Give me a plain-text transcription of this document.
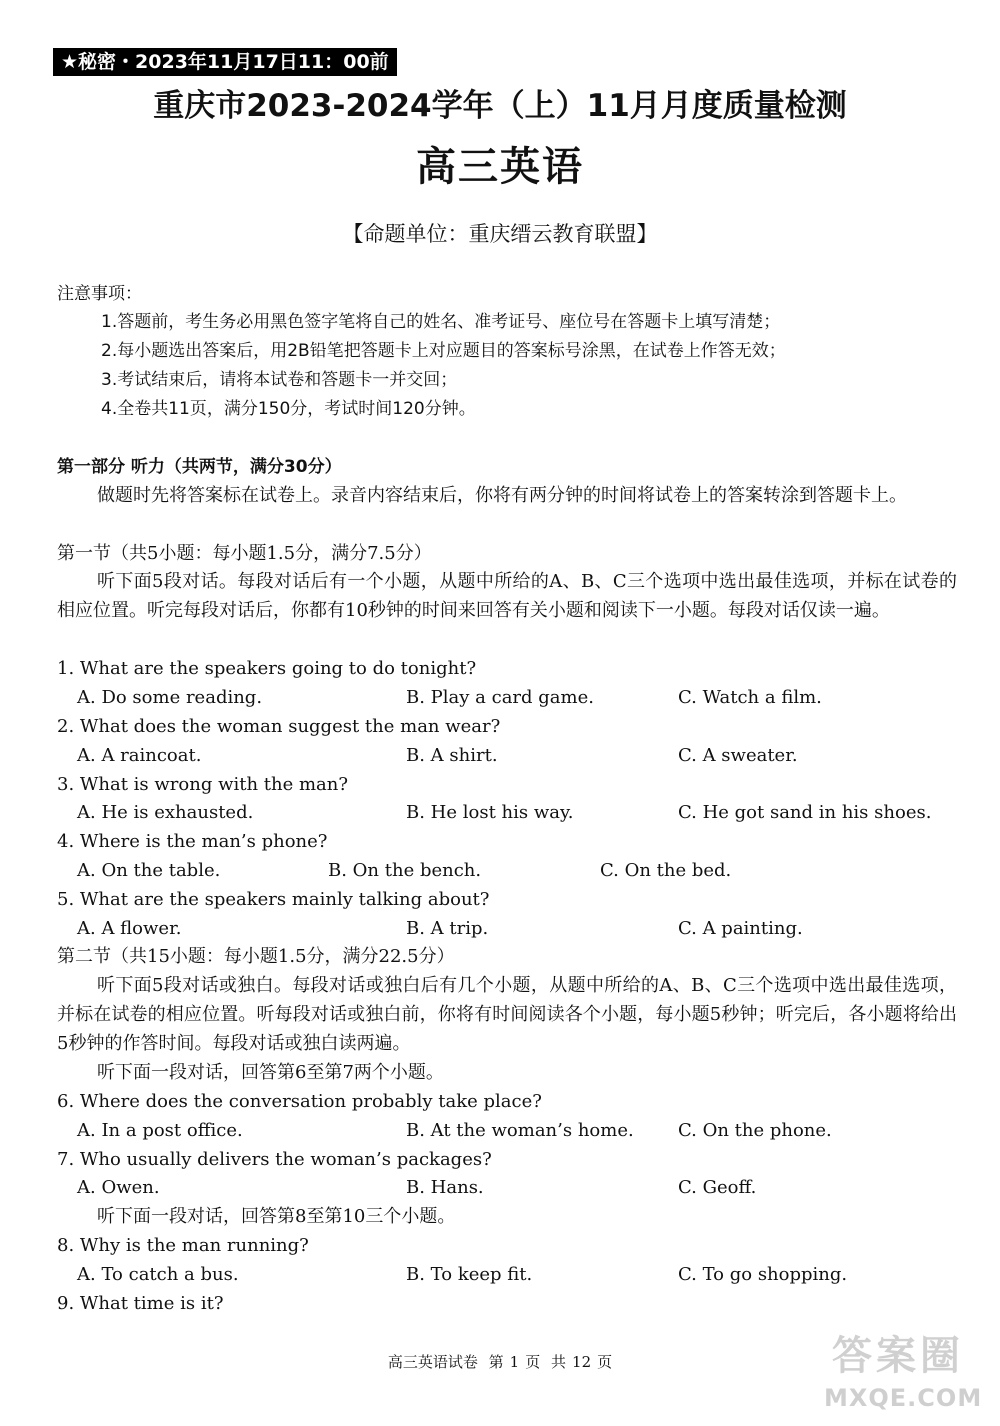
★秘密・2023年11月17日11：00前
重庆市2023-2024学年（上）11月月度质量检测
高三英语
【命题单位：重庆缙云教育联盟】
注意事项：
1.答题前，考生务必用黑色签字笔将自己的姓名、准考证号、座位号在答题卡上填写清楚；
2.每小题选出答案后，用2B铅笔把答题卡上对应题目的答案标号涂黑，在试卷上作答无效；
3.考试结束后，请将本试卷和答题卡一并交回；
4.全卷共11页，满分150分，考试时间120分钟。
第一部分 听力（共两节，满分30分）
做题时先将答案标在试卷上。录音内容结束后，你将有两分钟的时间将试卷上的答案转涂到答题卡上。
第一节（共5小题：每小题1.5分，满分7.5分）
听下面5段对话。每段对话后有一个小题，从题中所给的A、B、C三个选项中选出最佳选项，并标在试卷的相应位置。听完每段对话后，你都有10秒钟的时间来回答有关小题和阅读下一小题。每段对话仅读一遍。
1. What are the speakers going to do tonight?
A. Do some reading.	B. Play a card game.	C. Watch a film.
2. What does the woman suggest the man wear?
A. A raincoat.	B. A shirt.	C. A sweater.
3. What is wrong with the man?
A. He is exhausted.	B. He lost his way.	C. He got sand in his shoes.
4. Where is the man’s phone?
A. On the table.	B. On the bench.	C. On the bed.
5. What are the speakers mainly talking about?
A. A flower.	B. A trip.	C. A painting.
第二节（共15小题：每小题1.5分，满分22.5分）
听下面5段对话或独白。每段对话或独白后有几个小题，从题中所给的A、B、C三个选项中选出最佳选项，并标在试卷的相应位置。听每段对话或独白前，你将有时间阅读各个小题，每小题5秒钟；听完后，各小题将给出5秒钟的作答时间。每段对话或独白读两遍。
听下面一段对话，回答第6至第7两个小题。
6. Where does the conversation probably take place?
A. In a post office.	B. At the woman’s home. C. On the phone.
7. Who usually delivers the woman’s packages?
A. Owen.	B. Hans.	C. Geoff.
听下面一段对话，回答第8至第10三个小题。
8. Why is the man running?
A. To catch a bus.	B. To keep fit.	C. To go shopping.
9. What time is it?
高三英语试卷 第 1 页 共 12 页	答案圈
MXQE.COM
